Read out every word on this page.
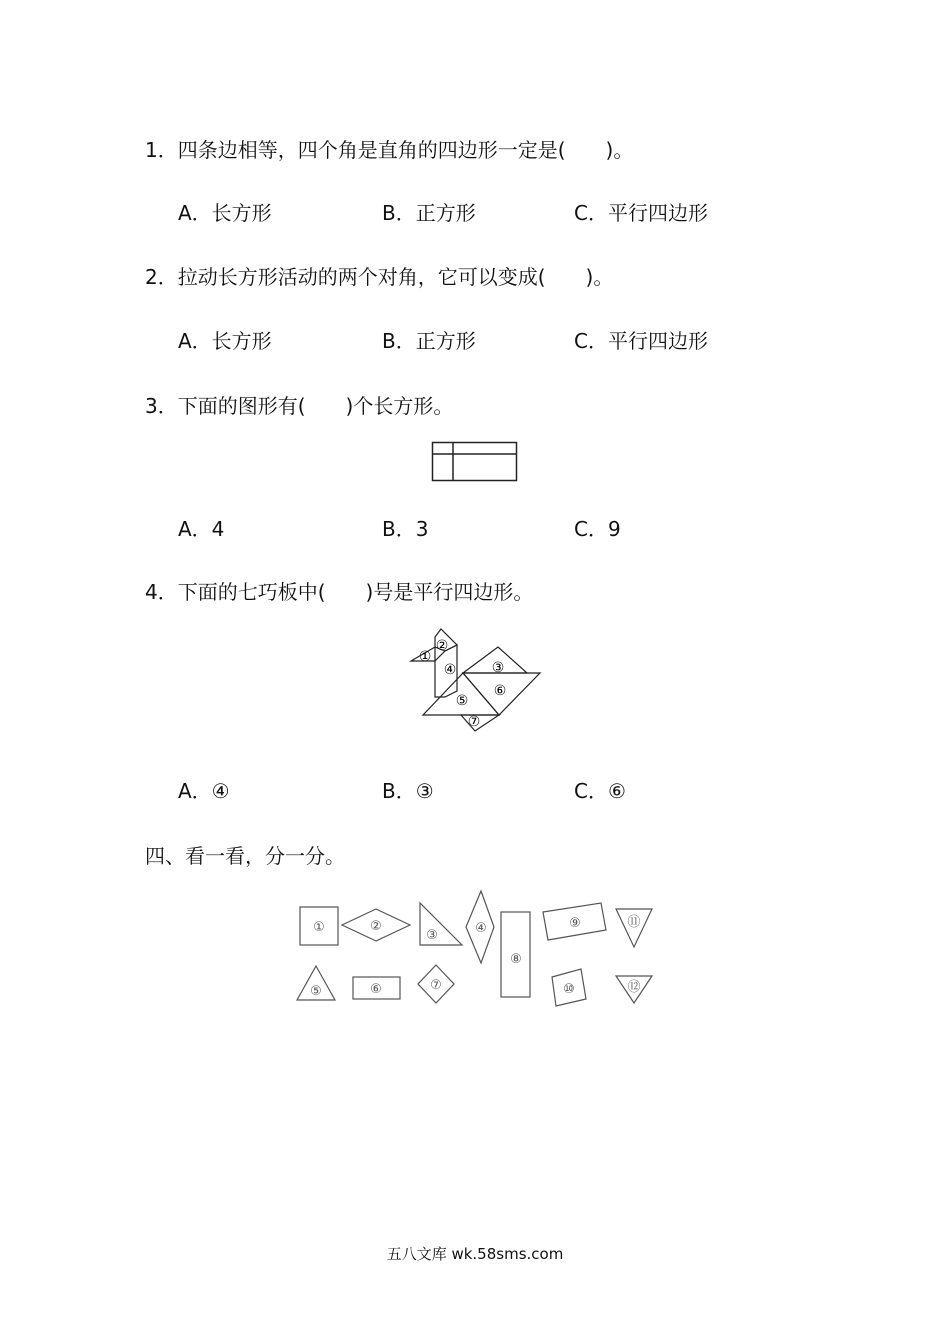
1．四条边相等，四个角是直角的四边形一定是(　　)。
A．长方形	B．正方形	C．平行四边形
2．拉动长方形活动的两个对角，它可以变成(　　)。
A．长方形	B．正方形	C．平行四边形
3．下面的图形有(　　)个长方形。
A．4	B．3	C．9
4．下面的七巧板中(　　)号是平行四边形。
①
②
③
④
⑤
⑥
⑦
A．④	B．③	C．⑥
四、看一看，分一分。
①	②
③	④
⑧
⑨	⑪
⑤	⑥	⑦	⑩	⑫
五八文库 wk.58sms.com
